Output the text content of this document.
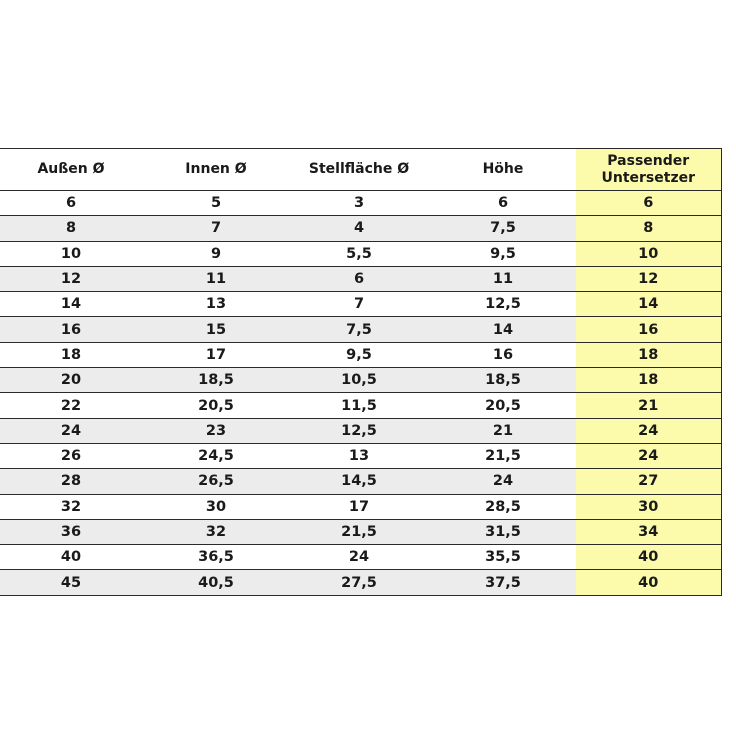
Außen Ø	Innen Ø	Stellfläche Ø	Höhe	Passender
Untersetzer

6	5	3	6	6
8	7	4	7,5	8
10	9	5,5	9,5	10
12	11	6	11	12
14	13	7	12,5	14
16	15	7,5	14	16
18	17	9,5	16	18
20	18,5	10,5	18,5	18
22	20,5	11,5	20,5	21
24	23	12,5	21	24
26	24,5	13	21,5	24
28	26,5	14,5	24	27
32	30	17	28,5	30
36	32	21,5	31,5	34
40	36,5	24	35,5	40
45	40,5	27,5	37,5	40
